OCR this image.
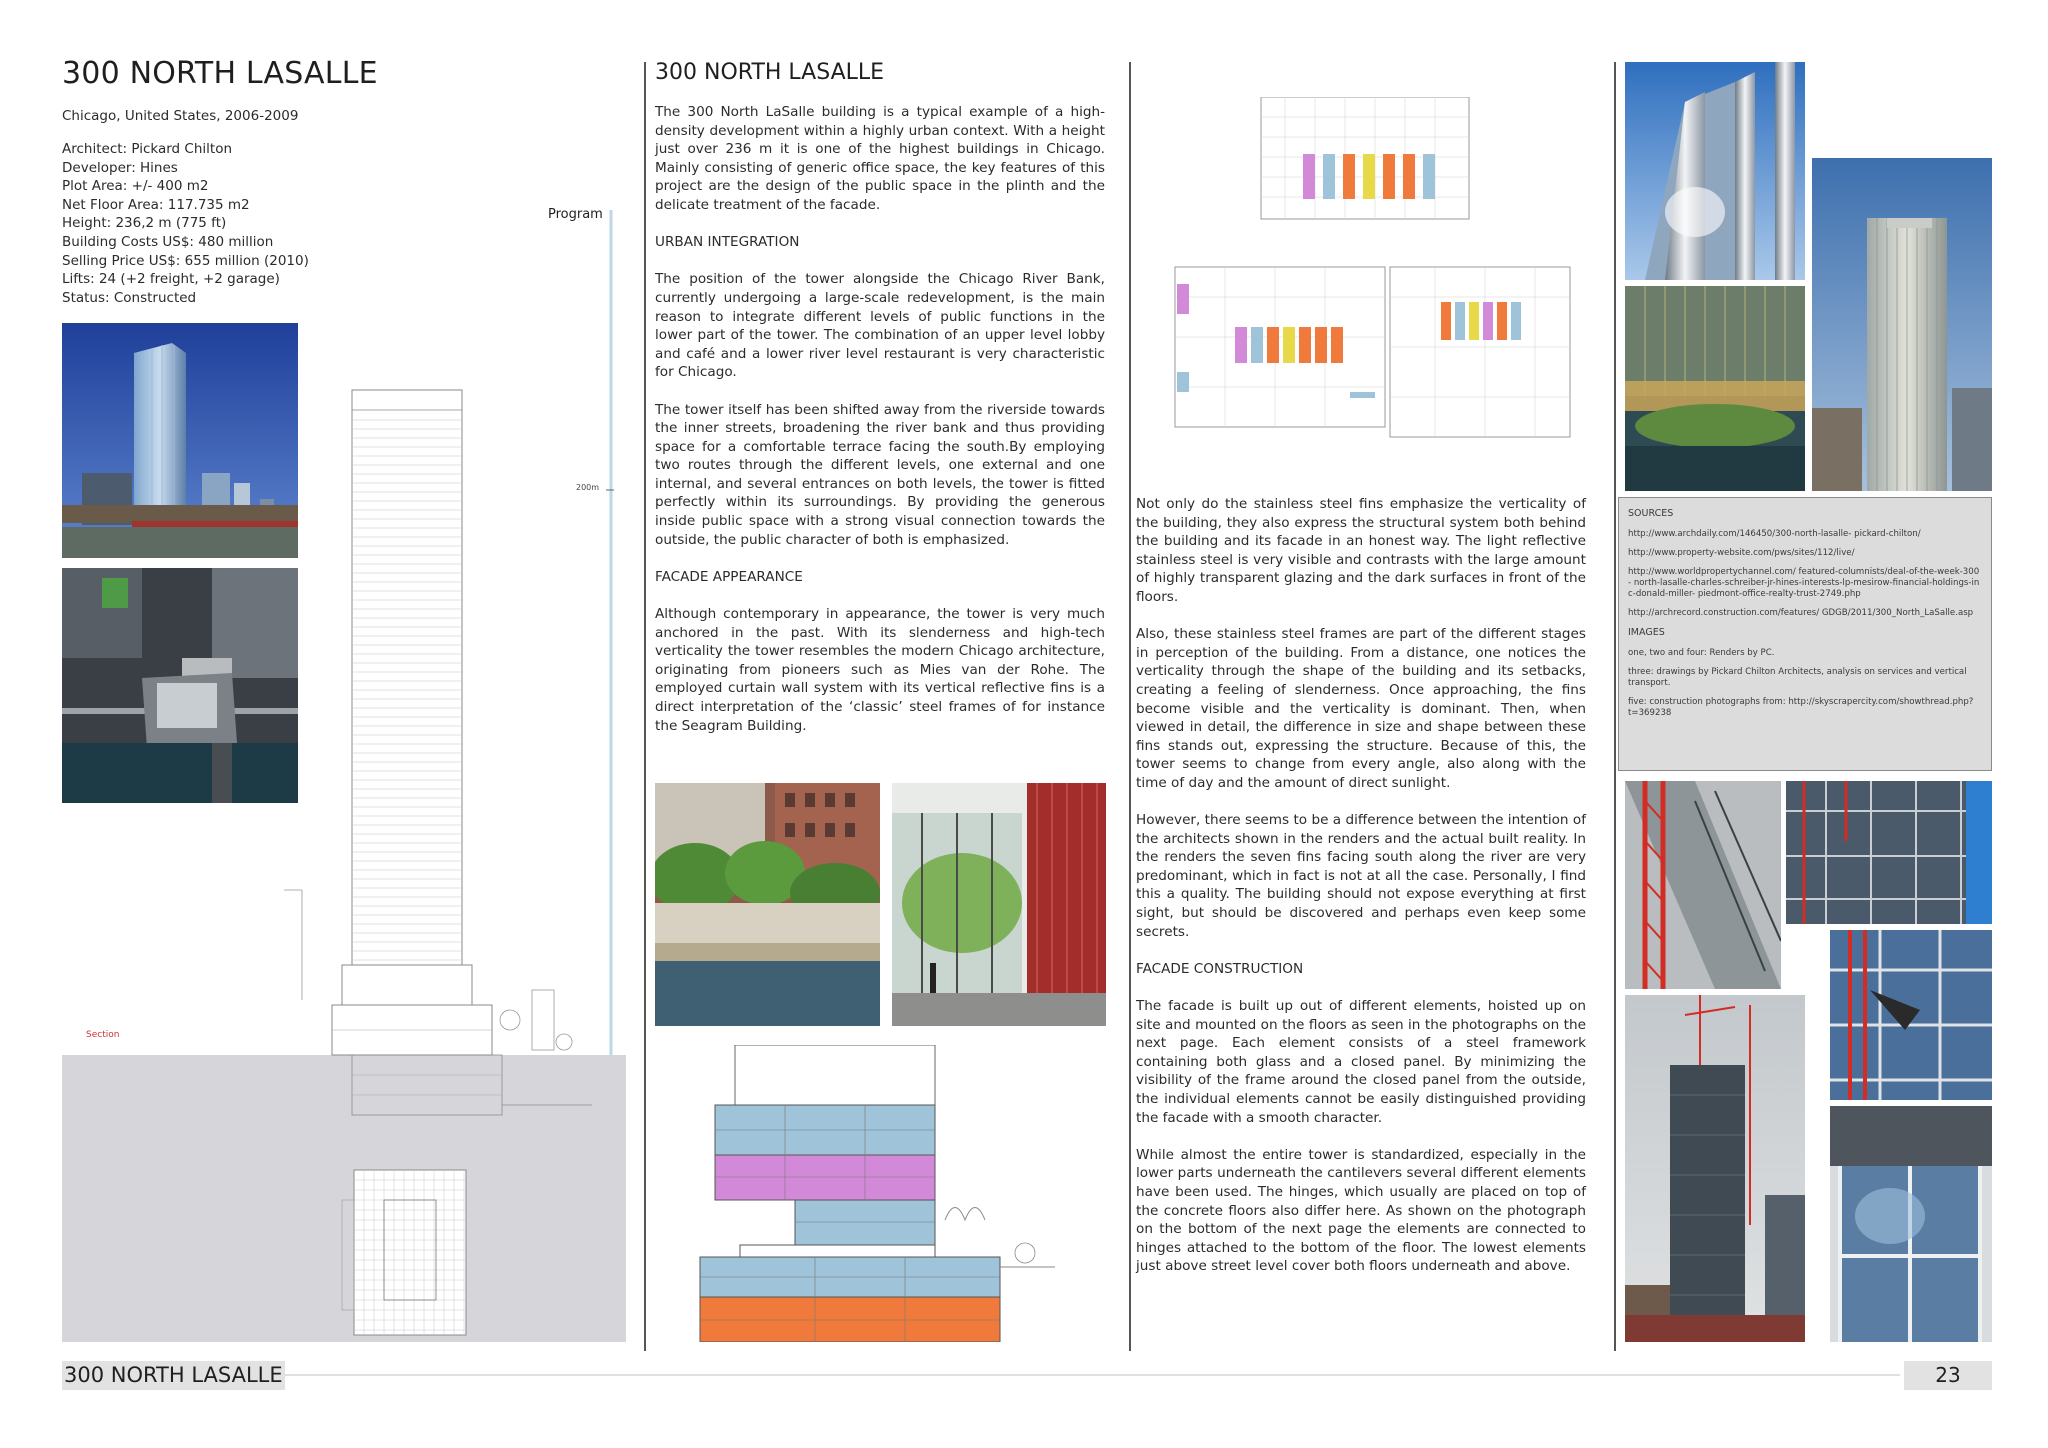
300 NORTH LASALLE
Chicago, United States, 2006-2009
Architect: Pickard Chilton
Developer: Hines
Plot Area: +/- 400 m2
Net Floor Area: 117.735 m2
Height: 236,2 m (775 ft)
Building Costs US$: 480 million
Selling Price US$: 655 million (2010)
Lifts: 24 (+2 freight, +2 garage)
Status: Constructed
Program
200m
Section
300 NORTH LASALLE

The 300 North LaSalle building is a typical example of a high-density development within a highly urban context. With a height just over 236 m it is one of the highest buildings in Chicago. Mainly consisting of generic office space, the key features of this project are the design of the public space in the plinth and the delicate treatment of the facade.

URBAN INTEGRATION

The position of the tower alongside the Chicago River Bank, currently undergoing a large-scale redevelopment, is the main reason to integrate different levels of public functions in the lower part of the tower. The combination of an upper level lobby and café and a lower river level restaurant is very characteristic for Chicago.

The tower itself has been shifted away from the riverside towards the inner streets, broadening the river bank and thus providing space for a comfortable terrace facing the south.By employing two routes through the different levels, one external and one internal, and several entrances on both levels, the tower is fitted perfectly within its surroundings. By providing the generous inside public space with a strong visual connection towards the outside, the public character of both is emphasized.

FACADE APPEARANCE

Although contemporary in appearance, the tower is very much anchored in the past. With its slenderness and high-tech verticality the tower resembles the modern Chicago architecture, originating from pioneers such as Mies van der Rohe. The employed curtain wall system with its vertical reflective fins is a direct interpretation of the ‘classic’ steel frames of for instance the Seagram Building.

Not only do the stainless steel fins emphasize the verticality of the building, they also express the structural system both behind the building and its facade in an honest way. The light reflective stainless steel is very visible and contrasts with the large amount of highly transparent glazing and the dark surfaces in front of the floors.

Also, these stainless steel frames are part of the different stages in perception of the building. From a distance, one notices the verticality through the shape of the building and its setbacks, creating a feeling of slenderness. Once approaching, the fins become visible and the verticality is dominant. Then, when viewed in detail, the difference in size and shape between these fins stands out, expressing the structure. Because of this, the tower seems to change from every angle, also along with the time of day and the amount of direct sunlight.

However, there seems to be a difference between the intention of the architects shown in the renders and the actual built reality. In the renders the seven fins facing south along the river are very predominant, which in fact is not at all the case. Personally, I find this a quality. The building should not expose everything at first sight, but should be discovered and perhaps even keep some secrets.

FACADE CONSTRUCTION

The facade is built up out of different elements, hoisted up on site and mounted on the floors as seen in the photographs on the next page. Each element consists of a steel framework containing both glass and a closed panel. By minimizing the visibility of the frame around the closed panel from the outside, the individual elements cannot be easily distinguished providing the facade with a smooth character.

While almost the entire tower is standardized, especially in the lower parts underneath the cantilevers several different elements have been used. The hinges, which usually are placed on top of the concrete floors also differ here. As shown on the photograph on the bottom of the next page the elements are connected to hinges attached to the bottom of the floor. The lowest elements just above street level cover both floors underneath and above.

SOURCES
http://www.archdaily.com/146450/300-north-lasalle- pickard-chilton/
http://www.property-website.com/pws/sites/112/live/
http://www.worldpropertychannel.com/ featured-columnists/deal-of-the-week-300- north-lasalle-charles-schreiber-jr-hines-interests-lp-mesirow-financial-holdings-inc-donald-miller- piedmont-office-realty-trust-2749.php
http://archrecord.construction.com/features/ GDGB/2011/300_North_LaSalle.asp
IMAGES
one, two and four: Renders by PC.
three: drawings by Pickard Chilton Architects, analysis on services and vertical transport.
five: construction photographs from: http://skyscrapercity.com/showthread.php?t=369238
300 NORTH LASALLE	23
